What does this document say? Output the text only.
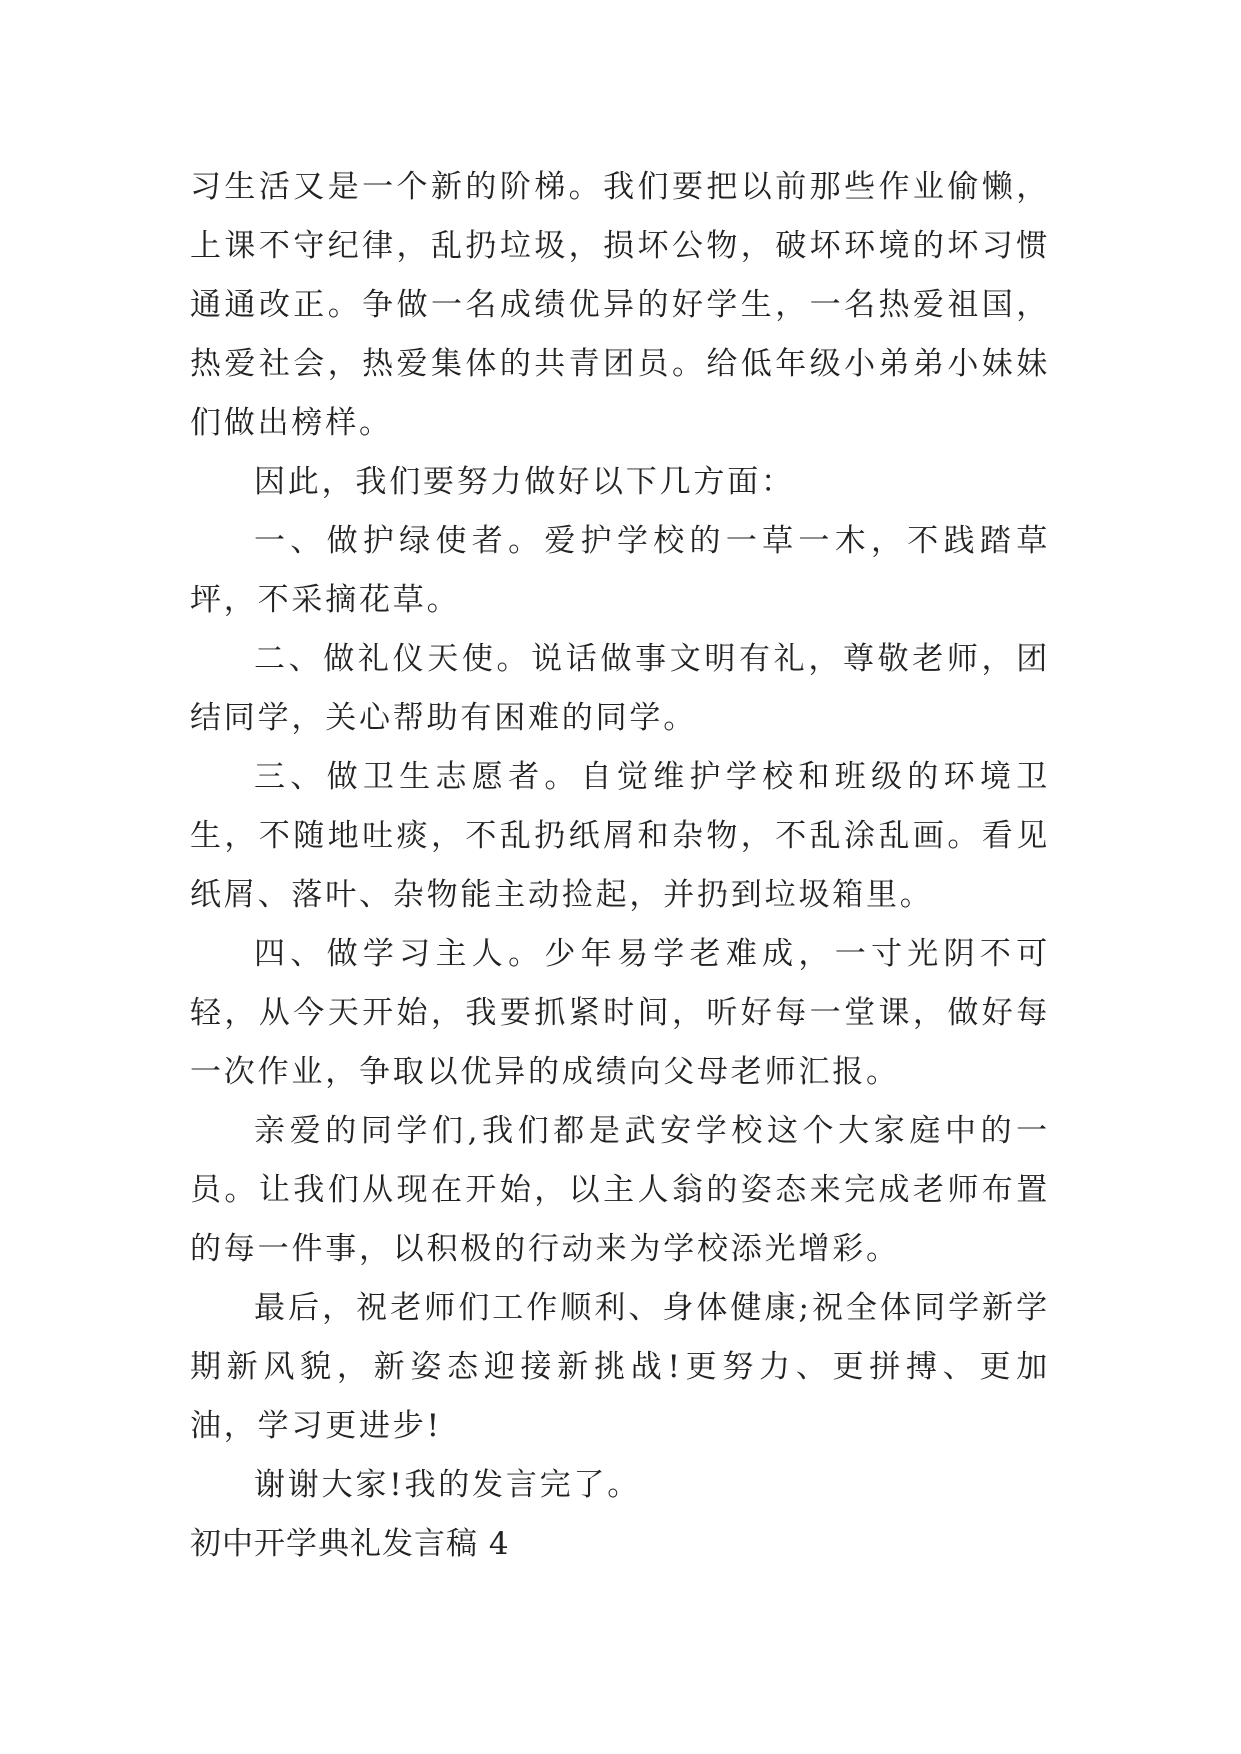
习生活又是一个新的阶梯。我们要把以前那些作业偷懒，上课不守纪律，乱扔垃圾，损坏公物，破坏环境的坏习惯通通改正。争做一名成绩优异的好学生，一名热爱祖国，热爱社会，热爱集体的共青团员。给低年级小弟弟小妹妹们做出榜样。

因此，我们要努力做好以下几方面：

一、做护绿使者。爱护学校的一草一木，不践踏草坪，不采摘花草。

二、做礼仪天使。说话做事文明有礼，尊敬老师，团结同学，关心帮助有困难的同学。

三、做卫生志愿者。自觉维护学校和班级的环境卫生，不随地吐痰，不乱扔纸屑和杂物，不乱涂乱画。看见纸屑、落叶、杂物能主动捡起，并扔到垃圾箱里。

四、做学习主人。少年易学老难成，一寸光阴不可轻，从今天开始，我要抓紧时间，听好每一堂课，做好每一次作业，争取以优异的成绩向父母老师汇报。

亲爱的同学们,我们都是武安学校这个大家庭中的一员。让我们从现在开始，以主人翁的姿态来完成老师布置的每一件事，以积极的行动来为学校添光增彩。

最后，祝老师们工作顺利、身体健康;祝全体同学新学期新风貌，新姿态迎接新挑战!更努力、更拼搏、更加油，学习更进步!

谢谢大家!我的发言完了。

初中开学典礼发言稿 4
